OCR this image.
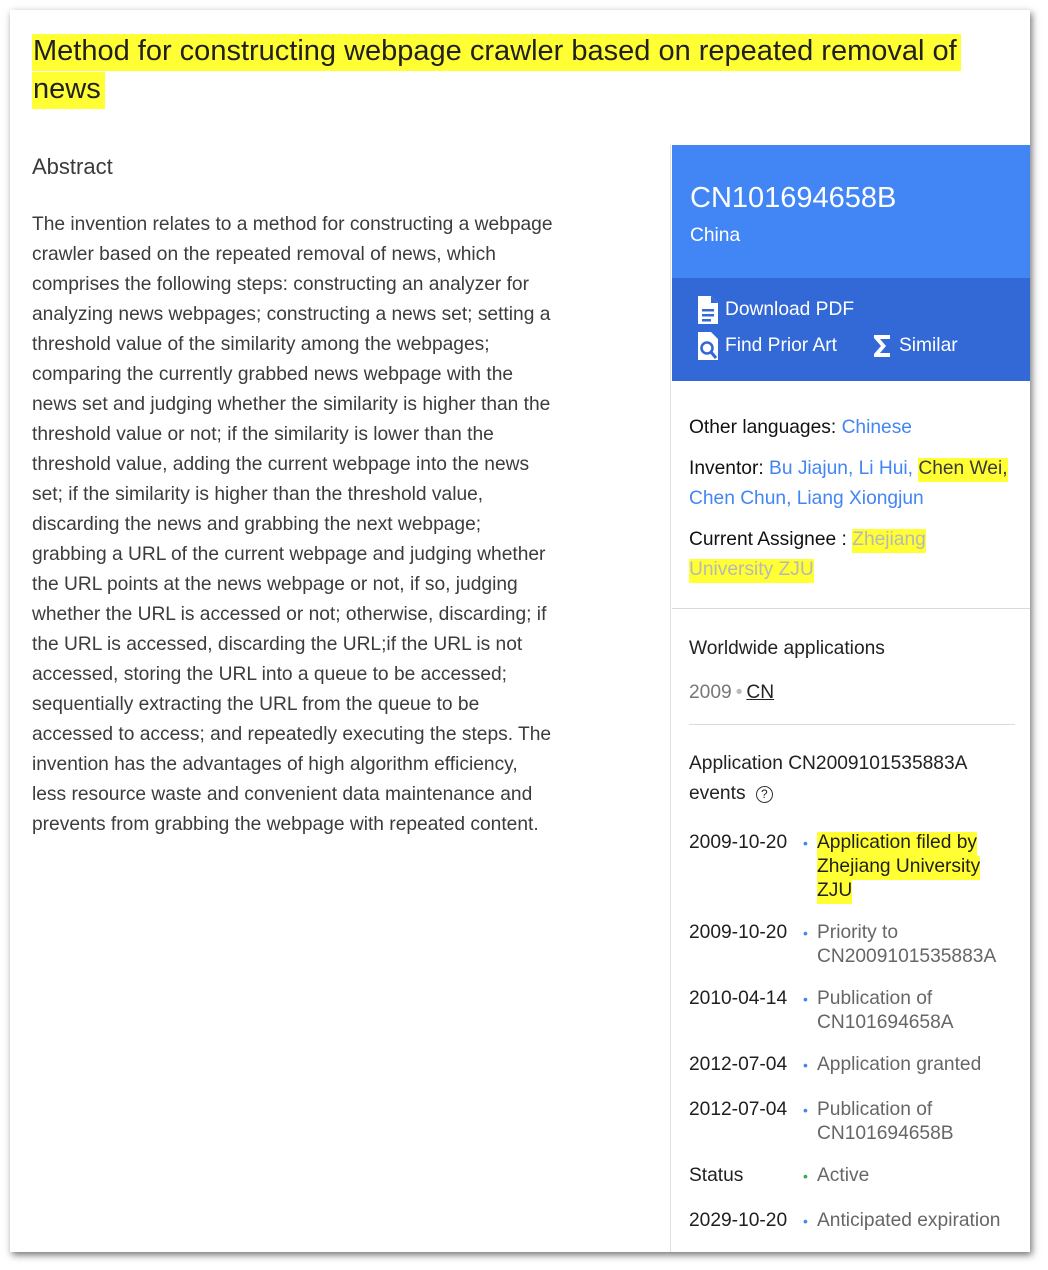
Method for constructing webpage crawler based on repeated removal of news
Abstract

The invention relates to a method for constructing a webpage crawler based on the repeated removal of news, which comprises the following steps: constructing an analyzer for analyzing news webpages; constructing a news set; setting a threshold value of the similarity among the webpages; comparing the currently grabbed news webpage with the news set and judging whether the similarity is higher than the threshold value or not; if the similarity is lower than the threshold value, adding the current webpage into the news set; if the similarity is higher than the threshold value, discarding the news and grabbing the next webpage; grabbing a URL of the current webpage and judging whether the URL points at the news webpage or not, if so, judging whether the URL is accessed or not; otherwise, discarding; if the URL is accessed, discarding the URL;if the URL is not accessed, storing the URL into a queue to be accessed; sequentially extracting the URL from the queue to be accessed to access; and repeatedly executing the steps. The invention has the advantages of high algorithm efficiency, less resource waste and convenient data maintenance and prevents from grabbing the webpage with repeated content.

CN101694658B
China
Download PDF
Find Prior Art	Similar
Other languages: Chinese
Inventor: Bu Jiajun, Li Hui, Chen Wei,
Chen Chun, Liang Xiongjun
Current Assignee : Zhejiang
University ZJU
Worldwide applications
2009 • CN
Application CN2009101535883A
events ?
2009-10-20 • Application filed by
Zhejiang University
ZJU
2009-10-20 • Priority to
CN2009101535883A
2010-04-14 • Publication of
CN101694658A
2012-07-04 • Application granted
2012-07-04 • Publication of
CN101694658B
Status	• Active
2029-10-20 • Anticipated expiration
